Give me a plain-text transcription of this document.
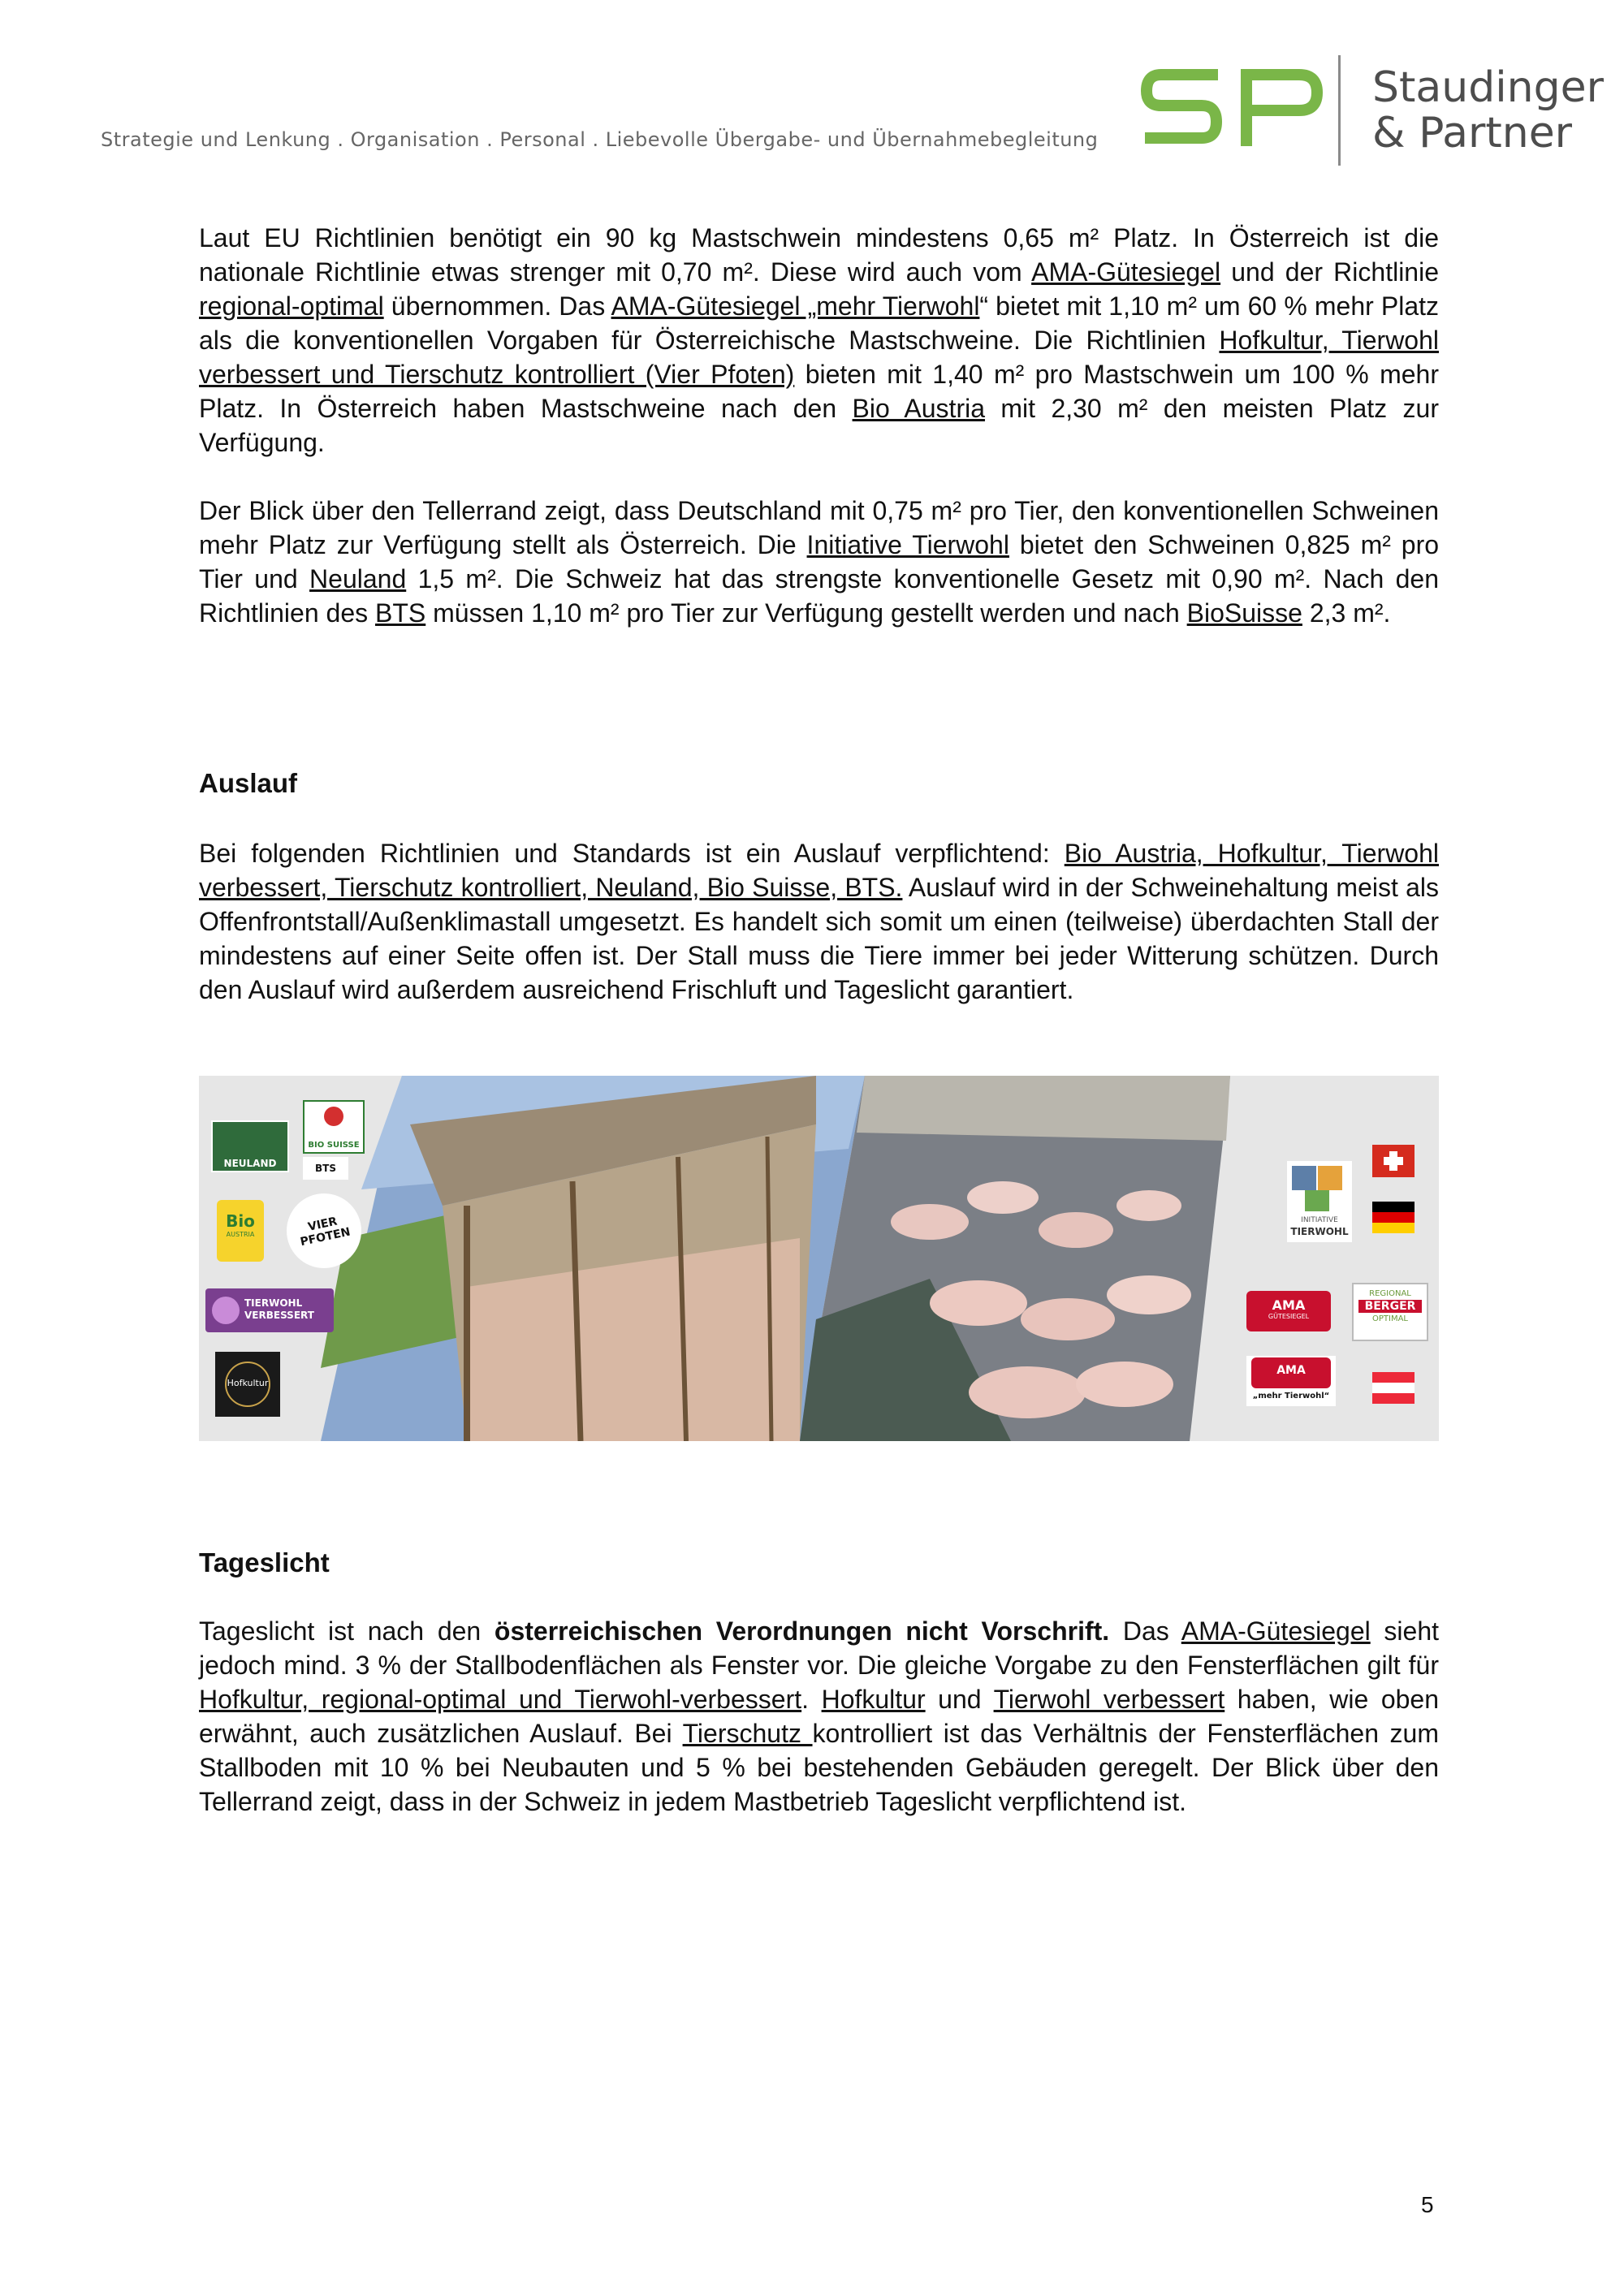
Strategie und Lenkung . Organisation . Personal . Liebevolle Übergabe- und Übernahmebegleitung
Staudinger
& Partner

Laut EU Richtlinien benötigt ein 90 kg Mastschwein mindestens 0,65 m² Platz. In Österreich ist die nationale Richtlinie etwas strenger mit 0,70 m². Diese wird auch vom AMA-Gütesiegel und der Richtlinie regional-optimal übernommen. Das AMA-Gütesiegel „mehr Tierwohl“ bietet mit 1,10 m² um 60 % mehr Platz als die konventionellen Vorgaben für Österreichische Mastschweine. Die Richtlinien Hofkultur, Tierwohl verbessert und Tierschutz kontrolliert (Vier Pfoten) bieten mit 1,40 m² pro Mastschwein um 100 % mehr Platz. In Österreich haben Mastschweine nach den Bio Austria mit 2,30 m² den meisten Platz zur Verfügung.

Der Blick über den Tellerrand zeigt, dass Deutschland mit 0,75 m² pro Tier, den konventionellen Schweinen mehr Platz zur Verfügung stellt als Österreich. Die Initiative Tierwohl bietet den Schweinen 0,825 m² pro Tier und Neuland 1,5 m². Die Schweiz hat das strengste konventionelle Gesetz mit 0,90 m². Nach den Richtlinien des BTS müssen 1,10 m² pro Tier zur Verfügung gestellt werden und nach BioSuisse 2,3 m².

Auslauf

Bei folgenden Richtlinien und Standards ist ein Auslauf verpflichtend: Bio Austria, Hofkultur, Tierwohl verbessert, Tierschutz kontrolliert, Neuland, Bio Suisse, BTS. Auslauf wird in der Schweinehaltung meist als Offenfrontstall/Außenklimastall umgesetzt. Es handelt sich somit um einen (teilweise) überdachten Stall der mindestens auf einer Seite offen ist. Der Stall muss die Tiere immer bei jeder Witterung schützen. Durch den Auslauf wird außerdem ausreichend Frischluft und Tageslicht garantiert.

NEULAND
BIO SUISSE
BTS
Bio
AUSTRIA
VIER PFOTEN
TIERWOHL VERBESSERT
Hofkultur
INITIATIVE
TIERWOHL
AMA
GÜTESIEGEL
REGIONAL
BERGER
OPTIMAL
AMA
„mehr Tierwohl“
Tageslicht

Tageslicht ist nach den österreichischen Verordnungen nicht Vorschrift. Das AMA-Gütesiegel sieht jedoch mind. 3 % der Stallbodenflächen als Fenster vor. Die gleiche Vorgabe zu den Fensterflächen gilt für Hofkultur, regional-optimal und Tierwohl-verbessert. Hofkultur und Tierwohl verbessert haben, wie oben erwähnt, auch zusätzlichen Auslauf. Bei Tierschutz kontrolliert ist das Verhältnis der Fensterflächen zum Stallboden mit 10 % bei Neubauten und 5 % bei bestehenden Gebäuden geregelt. Der Blick über den Tellerrand zeigt, dass in der Schweiz in jedem Mastbetrieb Tageslicht verpflichtend ist.

5
